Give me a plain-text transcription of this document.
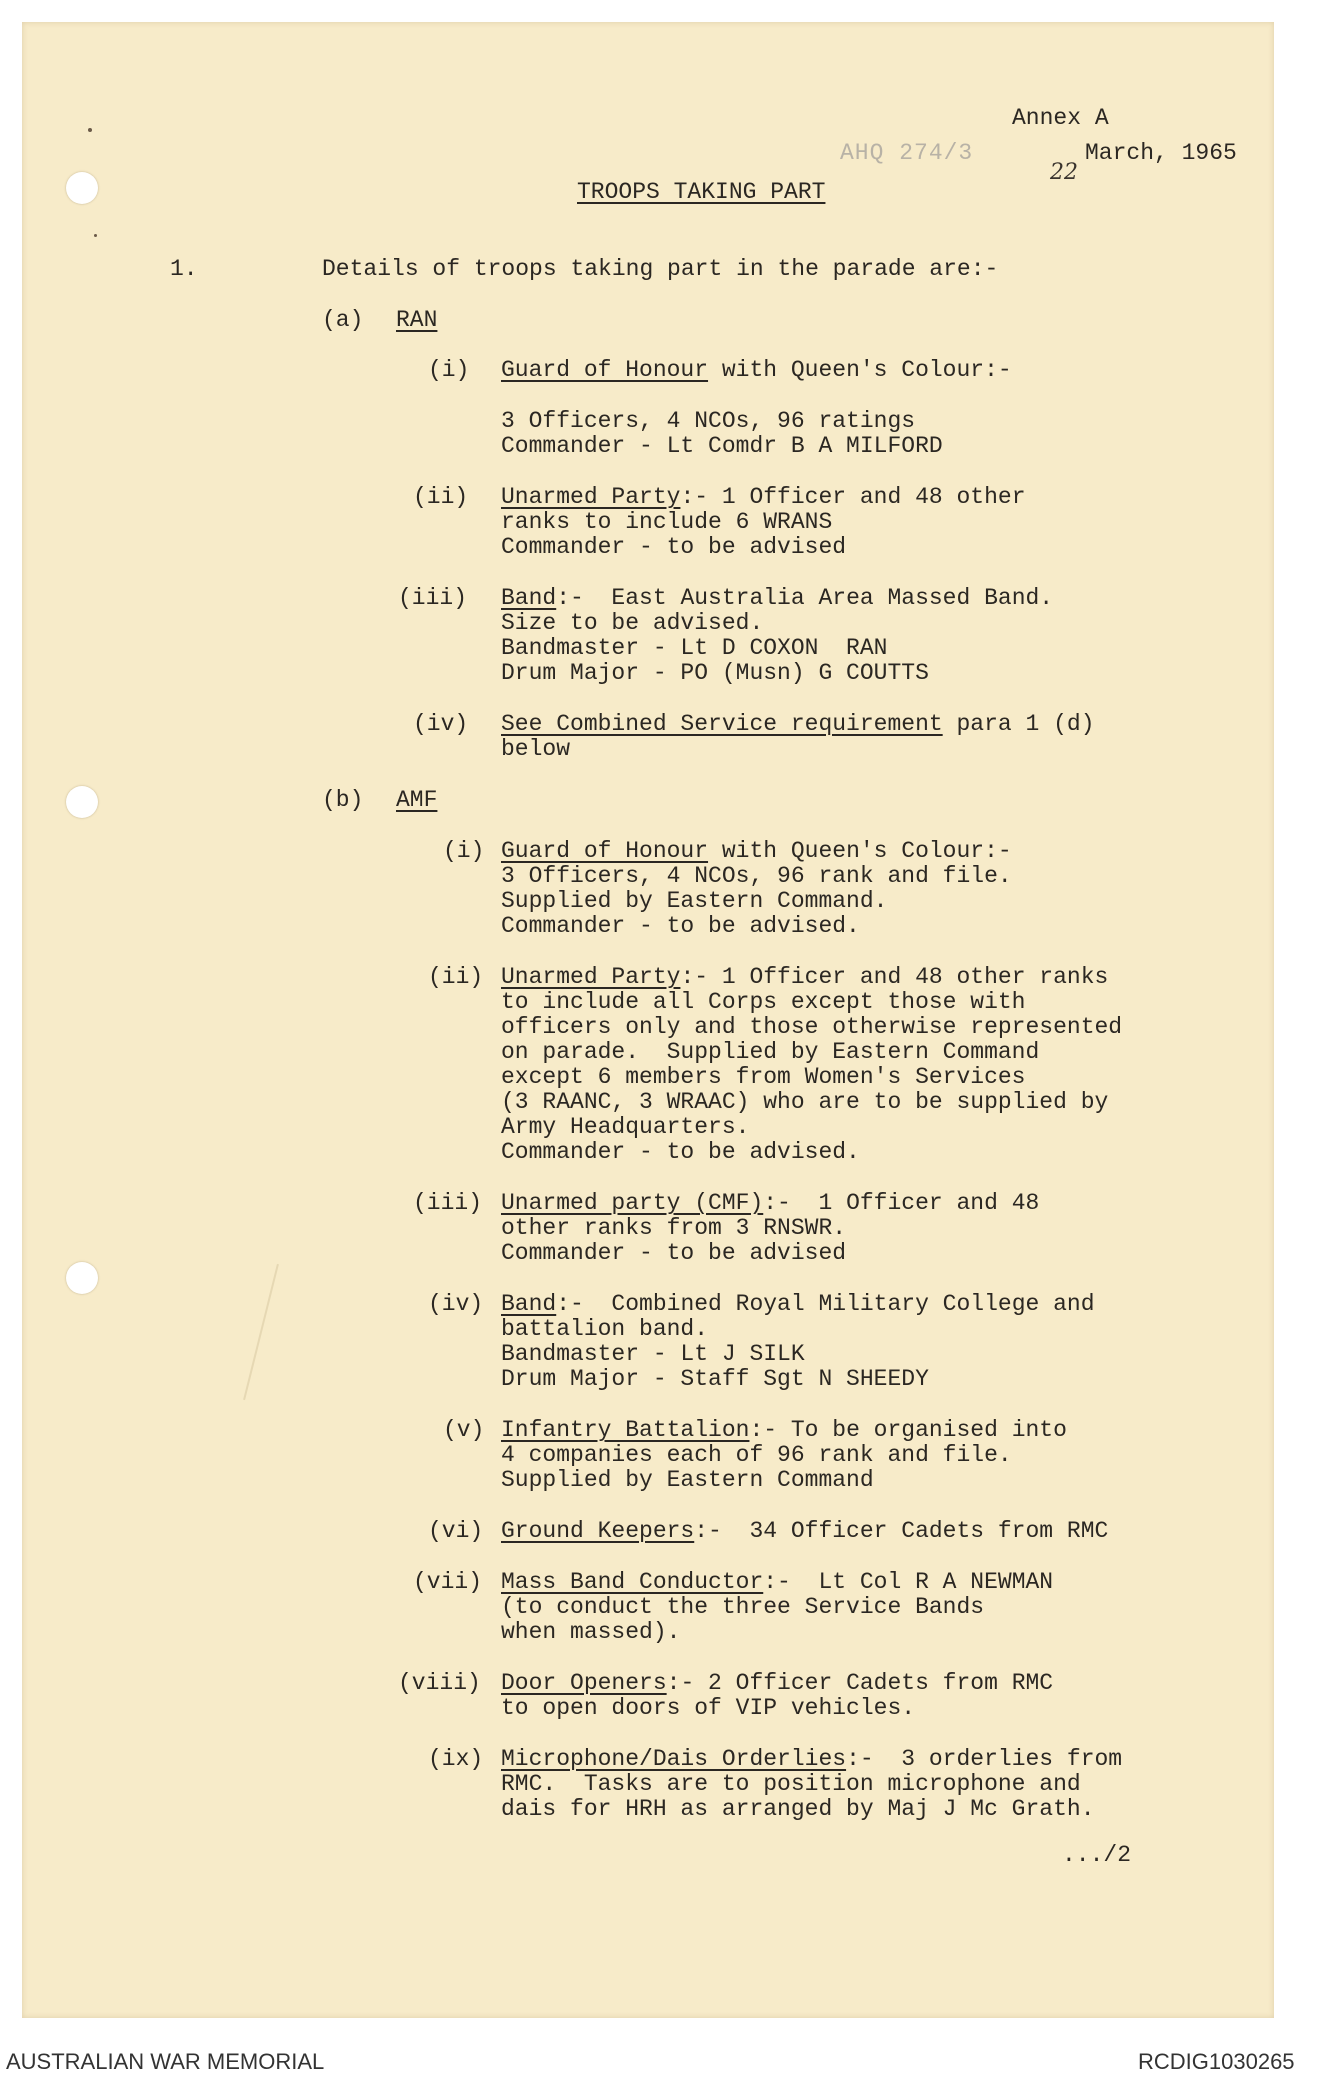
Annex A
AHQ 274/3	March, 1965
22
TROOPS TAKING PART
1.	Details of troops taking part in the parade are:-
(a) RAN
(i) Guard of Honour with Queen's Colour:-
3 Officers, 4 NCOs, 96 ratings
Commander - Lt Comdr B A MILFORD
(ii) Unarmed Party:- 1 Officer and 48 other
ranks to include 6 WRANS
Commander - to be advised
(iii) Band:-  East Australia Area Massed Band.
Size to be advised.
Bandmaster - Lt D COXON  RAN
Drum Major - PO (Musn) G COUTTS
(iv) See Combined Service requirement para 1 (d)
below
(b) AMF
(i) Guard of Honour with Queen's Colour:-
3 Officers, 4 NCOs, 96 rank and file.
Supplied by Eastern Command.
Commander - to be advised.
(ii) Unarmed Party:- 1 Officer and 48 other ranks
to include all Corps except those with
officers only and those otherwise represented
on parade.  Supplied by Eastern Command
except 6 members from Women's Services
(3 RAANC, 3 WRAAC) who are to be supplied by
Army Headquarters.
Commander - to be advised.
(iii) Unarmed party (CMF):-  1 Officer and 48
other ranks from 3 RNSWR.
Commander - to be advised
(iv) Band:-  Combined Royal Military College and
battalion band.
Bandmaster - Lt J SILK
Drum Major - Staff Sgt N SHEEDY
(v) Infantry Battalion:- To be organised into
4 companies each of 96 rank and file.
Supplied by Eastern Command
(vi) Ground Keepers:-  34 Officer Cadets from RMC
(vii) Mass Band Conductor:-  Lt Col R A NEWMAN
(to conduct the three Service Bands
when massed).
(viii) Door Openers:- 2 Officer Cadets from RMC
to open doors of VIP vehicles.
(ix) Microphone/Dais Orderlies:-  3 orderlies from
RMC.  Tasks are to position microphone and
dais for HRH as arranged by Maj J Mc Grath.
.../2
AUSTRALIAN WAR MEMORIAL	RCDIG1030265
